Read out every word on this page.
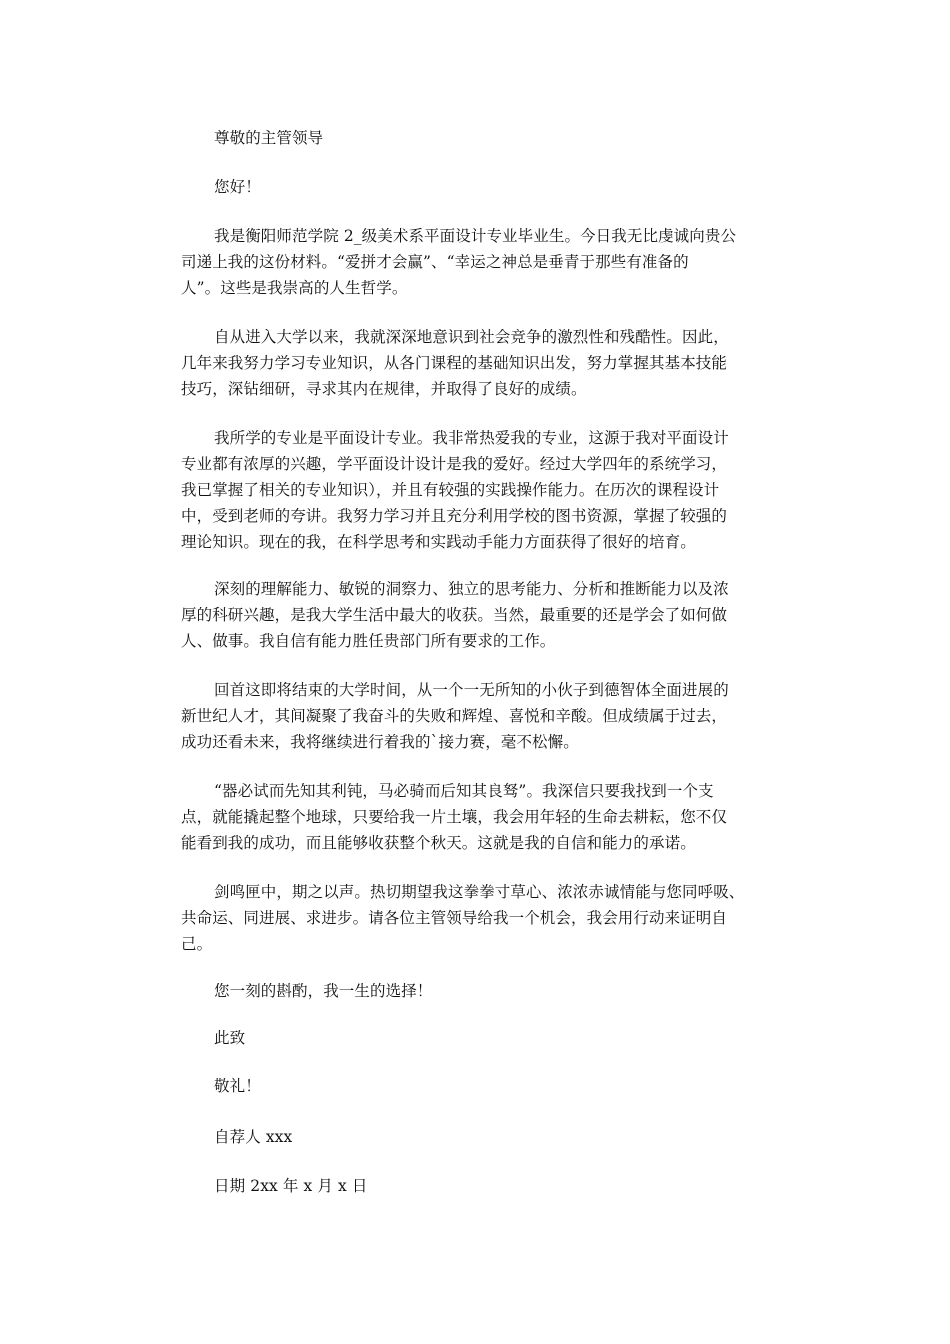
尊敬的主管领导
您好！
我是衡阳师范学院 2_级美术系平面设计专业毕业生。今日我无比虔诚向贵公
司递上我的这份材料。“爱拼才会赢”、“幸运之神总是垂青于那些有准备的
人”。这些是我崇高的人生哲学。
自从进入大学以来，我就深深地意识到社会竞争的激烈性和残酷性。因此，
几年来我努力学习专业知识，从各门课程的基础知识出发，努力掌握其基本技能
技巧，深钻细研，寻求其内在规律，并取得了良好的成绩。
我所学的专业是平面设计专业。我非常热爱我的专业，这源于我对平面设计
专业都有浓厚的兴趣，学平面设计设计是我的爱好。经过大学四年的系统学习，
我已掌握了相关的专业知识），并且有较强的实践操作能力。在历次的课程设计
中，受到老师的夸讲。我努力学习并且充分利用学校的图书资源，掌握了较强的
理论知识。现在的我，在科学思考和实践动手能力方面获得了很好的培育。
深刻的理解能力、敏锐的洞察力、独立的思考能力、分析和推断能力以及浓
厚的科研兴趣，是我大学生活中最大的收获。当然，最重要的还是学会了如何做
人、做事。我自信有能力胜任贵部门所有要求的工作。
回首这即将结束的大学时间，从一个一无所知的小伙子到德智体全面进展的
新世纪人才，其间凝聚了我奋斗的失败和辉煌、喜悦和辛酸。但成绩属于过去，
成功还看未来，我将继续进行着我的`接力赛，毫不松懈。
“器必试而先知其利钝，马必骑而后知其良驽”。我深信只要我找到一个支
点，就能撬起整个地球，只要给我一片土壤，我会用年轻的生命去耕耘，您不仅
能看到我的成功，而且能够收获整个秋天。这就是我的自信和能力的承诺。
剑鸣匣中，期之以声。热切期望我这拳拳寸草心、浓浓赤诚情能与您同呼吸、
共命运、同进展、求进步。请各位主管领导给我一个机会，我会用行动来证明自
己。
您一刻的斟酌，我一生的选择！
此致
敬礼！
自荐人 xxx
日期 2xx 年 x 月 x 日
